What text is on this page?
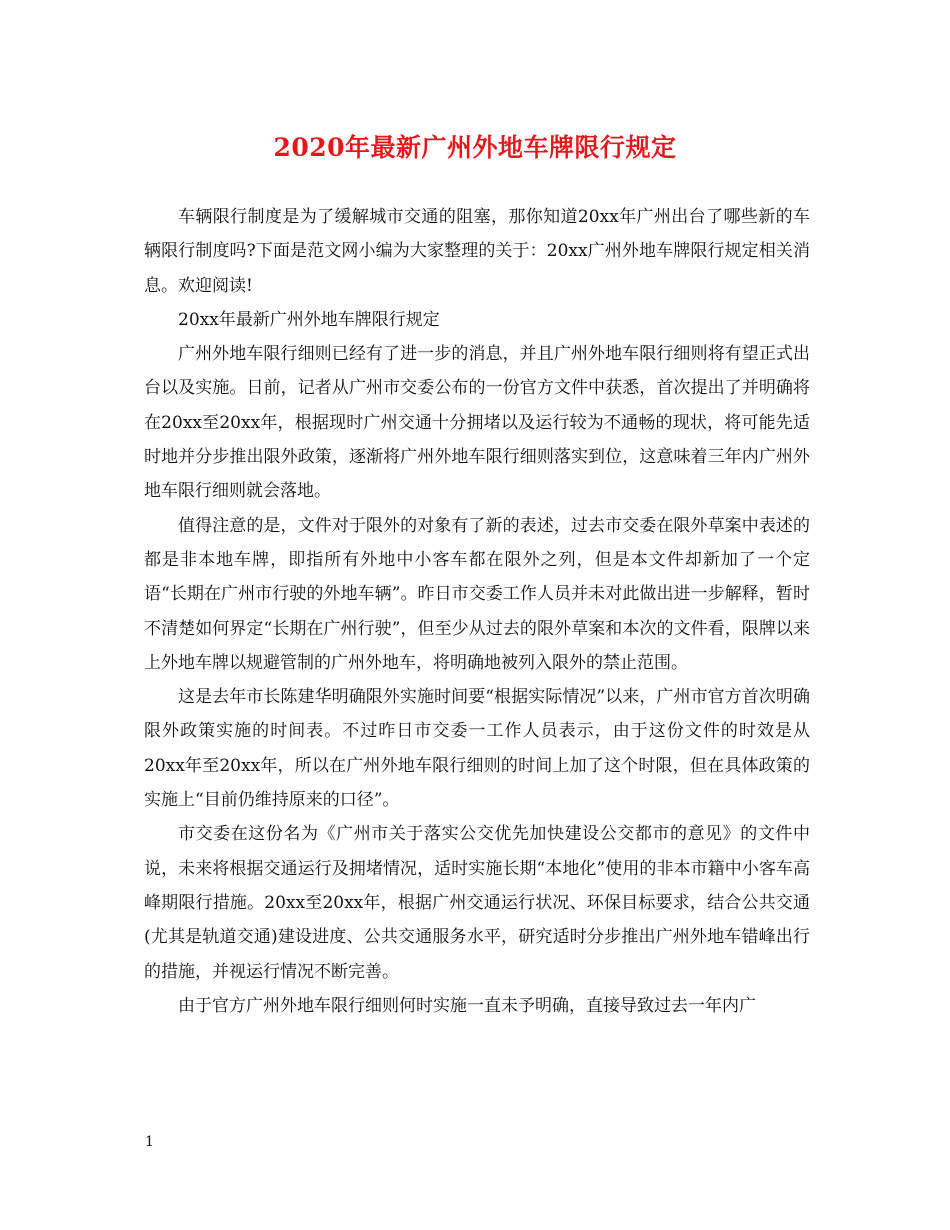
2020年最新广州外地车牌限行规定

车辆限行制度是为了缓解城市交通的阻塞，那你知道20xx年广州出台了哪些新的车辆限行制度吗?下面是范文网小编为大家整理的关于：20xx广州外地车牌限行规定相关消息。欢迎阅读!

20xx年最新广州外地车牌限行规定

广州外地车限行细则已经有了进一步的消息，并且广州外地车限行细则将有望正式出台以及实施。日前，记者从广州市交委公布的一份官方文件中获悉，首次提出了并明确将在20xx至20xx年，根据现时广州交通十分拥堵以及运行较为不通畅的现状，将可能先适时地并分步推出限外政策，逐渐将广州外地车限行细则落实到位，这意味着三年内广州外地车限行细则就会落地。

值得注意的是，文件对于限外的对象有了新的表述，过去市交委在限外草案中表述的都是非本地车牌，即指所有外地中小客车都在限外之列，但是本文件却新加了一个定语“长期在广州市行驶的外地车辆”。昨日市交委工作人员并未对此做出进一步解释，暂时不清楚如何界定“长期在广州行驶”，但至少从过去的限外草案和本次的文件看，限牌以来上外地车牌以规避管制的广州外地车，将明确地被列入限外的禁止范围。

这是去年市长陈建华明确限外实施时间要“根据实际情况”以来，广州市官方首次明确限外政策实施的时间表。不过昨日市交委一工作人员表示，由于这份文件的时效是从20xx年至20xx年，所以在广州外地车限行细则的时间上加了这个时限，但在具体政策的实施上“目前仍维持原来的口径”。

市交委在这份名为《广州市关于落实公交优先加快建设公交都市的意见》的文件中说，未来将根据交通运行及拥堵情况，适时实施长期“本地化”使用的非本市籍中小客车高峰期限行措施。20xx至20xx年，根据广州交通运行状况、环保目标要求，结合公共交通(尤其是轨道交通)建设进度、公共交通服务水平，研究适时分步推出广州外地车错峰出行的措施，并视运行情况不断完善。

由于官方广州外地车限行细则何时实施一直未予明确，直接导致过去一年内广

1
